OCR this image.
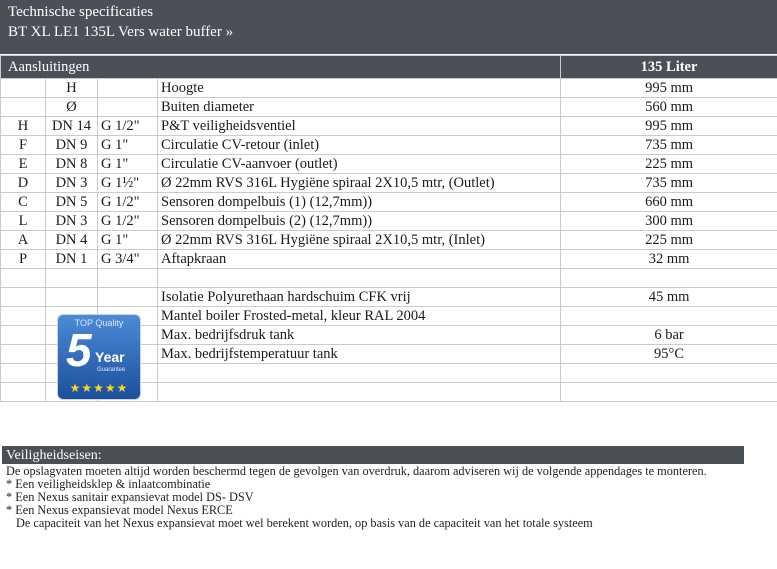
Technische specificaties
BT XL LE1 135L Vers water buffer »
Aansluitingen				135 Liter
	H		Hoogte	995 mm
	Ø		Buiten diameter	560 mm
H	DN 14	G 1/2"	P&T veiligheidsventiel	995 mm
F	DN 9	G 1"	Circulatie CV-retour (inlet)	735 mm
E	DN 8	G 1"	Circulatie CV-aanvoer (outlet)	225 mm
D	DN 3	G 1½"	Ø 22mm RVS 316L Hygiëne spiraal 2X10,5 mtr, (Outlet)	735 mm
C	DN 5	G 1/2"	Sensoren dompelbuis (1) (12,7mm))	660 mm
L	DN 3	G 1/2"	Sensoren dompelbuis (2) (12,7mm))	300 mm
A	DN 4	G 1"	Ø 22mm RVS 316L Hygiëne spiraal 2X10,5 mtr, (Inlet)	225 mm
P	DN 1	G 3/4"	Aftapkraan	32 mm

			Isolatie Polyurethaan hardschuim CFK vrij	45 mm
			Mantel boiler Frosted-metal, kleur RAL 2004	
			Max. bedrijfsdruk tank	6 bar
			Max. bedrijfstemperatuur tank	95°C

TOP Quality
5 Year
Guarantee
★★★★★
Veiligheidseisen:
De opslagvaten moeten altijd worden beschermd tegen de gevolgen van overdruk, daarom adviseren wij de volgende appendages te monteren.
* Een veiligheidsklep & inlaatcombinatie
* Een Nexus sanitair expansievat model DS- DSV
* Een Nexus expansievat model Nexus ERCE
De capaciteit van het Nexus expansievat moet wel berekent worden, op basis van de capaciteit van het totale systeem
